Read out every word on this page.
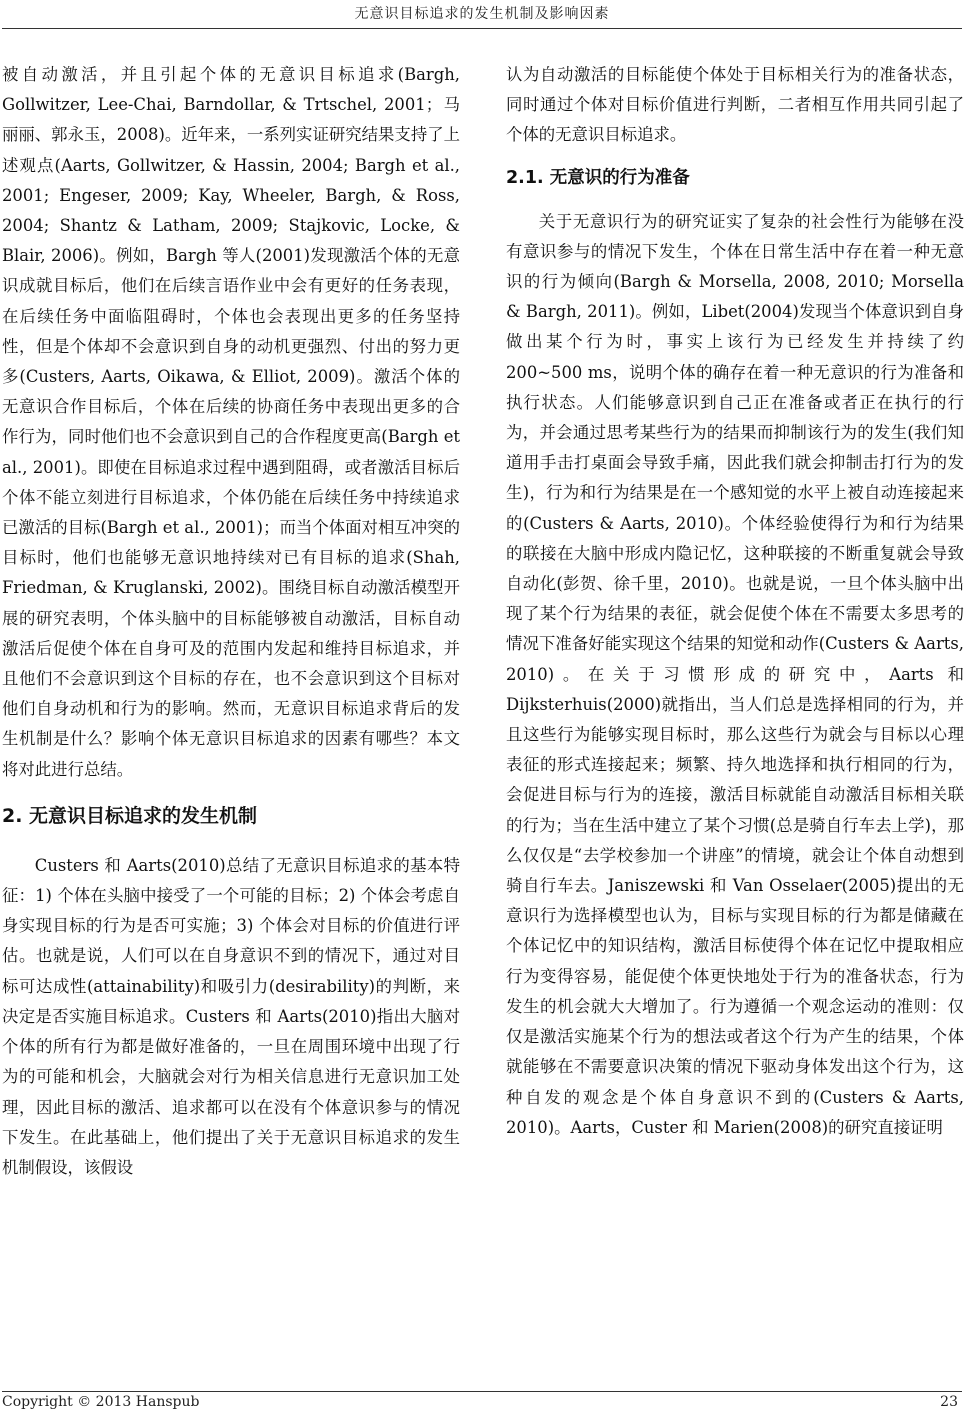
无意识目标追求的发生机制及影响因素

被自动激活，并且引起个体的无意识目标追求(Bargh, Gollwitzer, Lee-Chai, Barndollar, & Trtschel, 2001；马丽丽、郭永玉，2008)。近年来，一系列实证研究结果支持了上述观点(Aarts, Gollwitzer, & Hassin, 2004; Bargh et al., 2001; Engeser, 2009; Kay, Wheeler, Bargh, & Ross, 2004; Shantz & Latham, 2009; Stajkovic, Locke, & Blair, 2006)。例如，Bargh 等人(2001)发现激活个体的无意识成就目标后，他们在后续言语作业中会有更好的任务表现，在后续任务中面临阻碍时，个体也会表现出更多的任务坚持性，但是个体却不会意识到自身的动机更强烈、付出的努力更多(Custers, Aarts, Oikawa, & Elliot, 2009)。激活个体的无意识合作目标后，个体在后续的协商任务中表现出更多的合作行为，同时他们也不会意识到自己的合作程度更高(Bargh et al., 2001)。即使在目标追求过程中遇到阻碍，或者激活目标后个体不能立刻进行目标追求，个体仍能在后续任务中持续追求已激活的目标(Bargh et al., 2001)；而当个体面对相互冲突的目标时，他们也能够无意识地持续对已有目标的追求(Shah, Friedman, & Kruglanski, 2002)。围绕目标自动激活模型开展的研究表明，个体头脑中的目标能够被自动激活，目标自动激活后促使个体在自身可及的范围内发起和维持目标追求，并且他们不会意识到这个目标的存在，也不会意识到这个目标对他们自身动机和行为的影响。然而，无意识目标追求背后的发生机制是什么？影响个体无意识目标追求的因素有哪些？本文将对此进行总结。

2. 无意识目标追求的发生机制

Custers 和 Aarts(2010)总结了无意识目标追求的基本特征：1) 个体在头脑中接受了一个可能的目标；2) 个体会考虑自身实现目标的行为是否可实施；3) 个体会对目标的价值进行评估。也就是说，人们可以在自身意识不到的情况下，通过对目标可达成性(attainability)和吸引力(desirability)的判断，来决定是否实施目标追求。Custers 和 Aarts(2010)指出大脑对个体的所有行为都是做好准备的，一旦在周围环境中出现了行为的可能和机会，大脑就会对行为相关信息进行无意识加工处理，因此目标的激活、追求都可以在没有个体意识参与的情况下发生。在此基础上，他们提出了关于无意识目标追求的发生机制假设，该假设

认为自动激活的目标能使个体处于目标相关行为的准备状态，同时通过个体对目标价值进行判断，二者相互作用共同引起了个体的无意识目标追求。

2.1. 无意识的行为准备

关于无意识行为的研究证实了复杂的社会性行为能够在没有意识参与的情况下发生，个体在日常生活中存在着一种无意识的行为倾向(Bargh & Morsella, 2008, 2010; Morsella & Bargh, 2011)。例如，Libet(2004)发现当个体意识到自身做出某个行为时，事实上该行为已经发生并持续了约 200~500 ms，说明个体的确存在着一种无意识的行为准备和执行状态。人们能够意识到自己正在准备或者正在执行的行为，并会通过思考某些行为的结果而抑制该行为的发生(我们知道用手击打桌面会导致手痛，因此我们就会抑制击打行为的发生)，行为和行为结果是在一个感知觉的水平上被自动连接起来的(Custers & Aarts, 2010)。个体经验使得行为和行为结果的联接在大脑中形成内隐记忆，这种联接的不断重复就会导致自动化(彭贺、徐千里，2010)。也就是说，一旦个体头脑中出现了某个行为结果的表征，就会促使个体在不需要太多思考的情况下准备好能实现这个结果的知觉和动作(Custers & Aarts, 2010)。在关于习惯形成的研究中，Aarts 和 Dijksterhuis(2000)就指出，当人们总是选择相同的行为，并且这些行为能够实现目标时，那么这些行为就会与目标以心理表征的形式连接起来；频繁、持久地选择和执行相同的行为，会促进目标与行为的连接，激活目标就能自动激活目标相关联的行为；当在生活中建立了某个习惯(总是骑自行车去上学)，那么仅仅是“去学校参加一个讲座”的情境，就会让个体自动想到骑自行车去。Janiszewski 和 Van Osselaer(2005)提出的无意识行为选择模型也认为，目标与实现目标的行为都是储藏在个体记忆中的知识结构，激活目标使得个体在记忆中提取相应行为变得容易，能促使个体更快地处于行为的准备状态，行为发生的机会就大大增加了。行为遵循一个观念运动的准则：仅仅是激活实施某个行为的想法或者这个行为产生的结果，个体就能够在不需要意识决策的情况下驱动身体发出这个行为，这种自发的观念是个体自身意识不到的(Custers & Aarts, 2010)。Aarts，Custer 和 Marien(2008)的研究直接证明

Copyright © 2013 Hanspub	23
